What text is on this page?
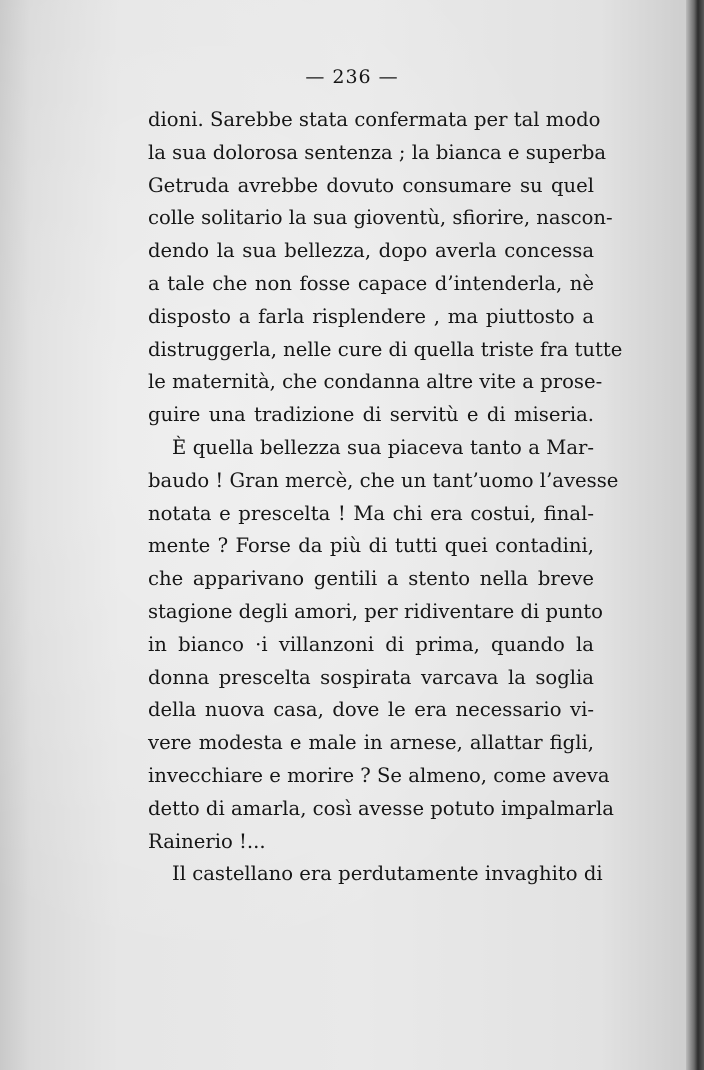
— 236 —
dioni. Sarebbe stata confermata per tal modo
la sua dolorosa sentenza ; la bianca e superba
Getruda avrebbe dovuto consumare su quel
colle solitario la sua gioventù, sfiorire, nascon-
dendo la sua bellezza, dopo averla concessa
a tale che non fosse capace d’intenderla, nè
disposto a farla risplendere , ma piuttosto a
distruggerla, nelle cure di quella triste fra tutte
le maternità, che condanna altre vite a prose-
guire una tradizione di servitù e di miseria.
È quella bellezza sua piaceva tanto a Mar-
baudo ! Gran mercè, che un tant’uomo l’avesse
notata e prescelta ! Ma chi era costui, final-
mente ? Forse da più di tutti quei contadini,
che apparivano gentili a stento nella breve
stagione degli amori, per ridiventare di punto
in bianco ·i villanzoni di prima, quando la
donna prescelta sospirata varcava la soglia
della nuova casa, dove le era necessario vi-
vere modesta e male in arnese, allattar figli,
invecchiare e morire ? Se almeno, come aveva
detto di amarla, così avesse potuto impalmarla
Rainerio !...
Il castellano era perdutamente invaghito di
